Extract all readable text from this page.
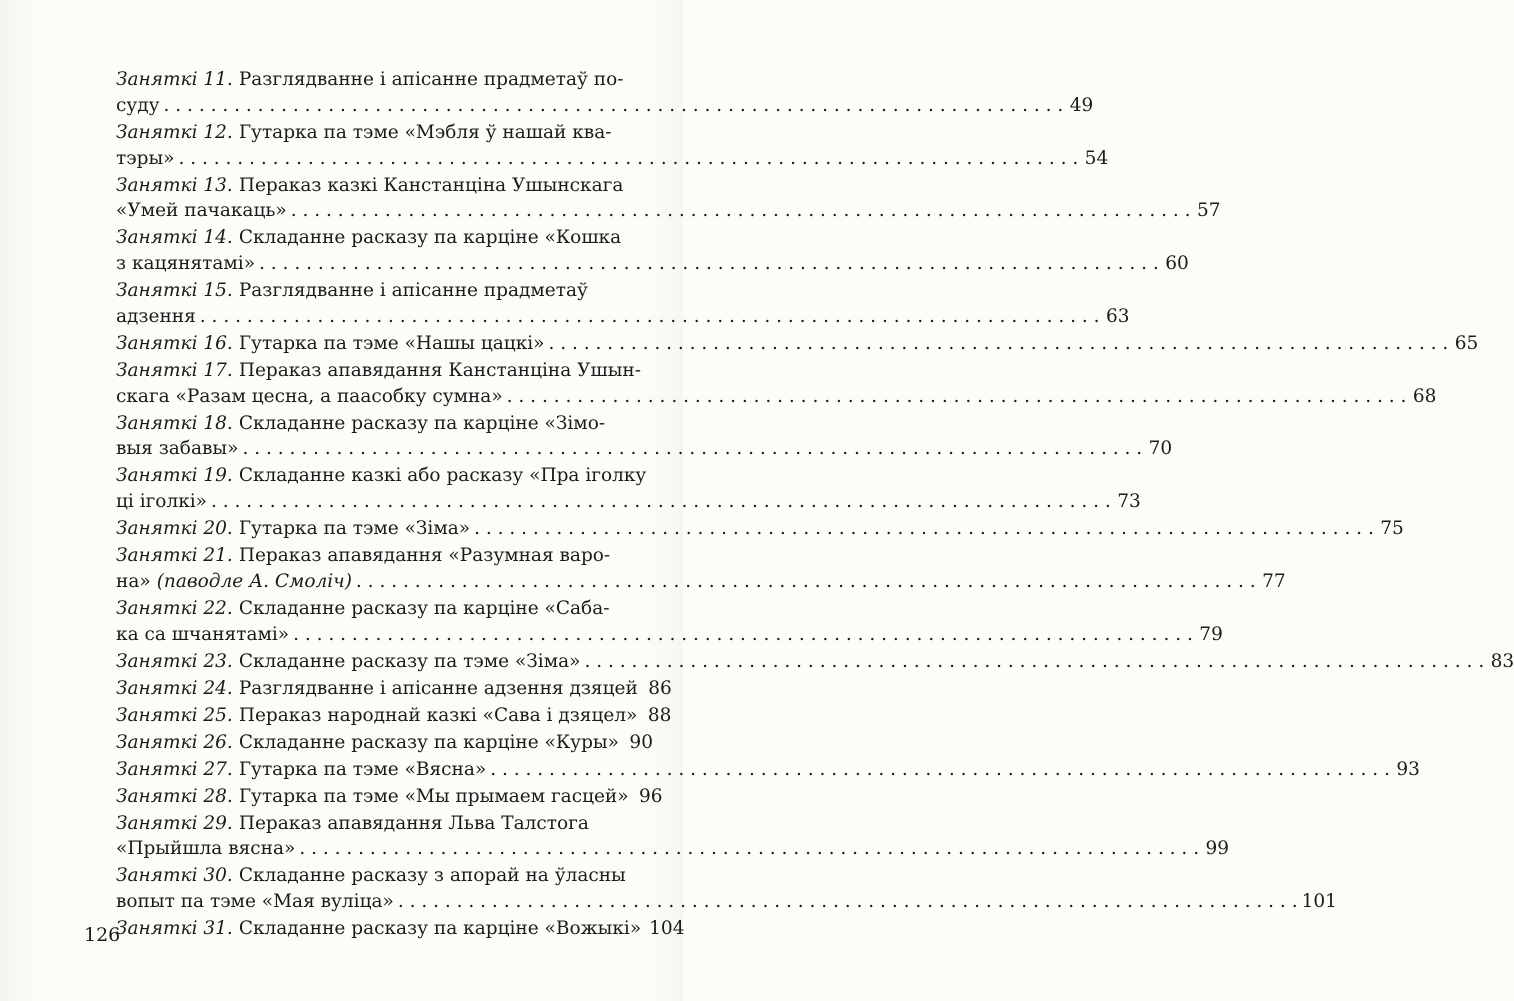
Заняткі 11. Разглядванне і апісанне прадметаў по-
суду . . .	49
Заняткі 12. Гутарка па тэме «Мэбля ў нашай ква-
тэры» . . .	54
Заняткі 13. Пераказ казкі Канстанціна Ушынскага
«Умей пачакаць» . . .	57
Заняткі 14. Складанне расказу па карціне «Кошка
з кацянятамі» . . .	60
Заняткі 15. Разглядванне і апісанне прадметаў
адзення . . .	63
Заняткі 16. Гутарка па тэме «Нашы цацкі» . . .	65
Заняткі 17. Пераказ апавядання Канстанціна Ушын-
скага «Разам цесна, а паасобку сумна» . . .	68
Заняткі 18. Складанне расказу па карціне «Зімо-
выя забавы» . . .	70
Заняткі 19. Складанне казкі або расказу «Пра іголку
ці іголкі» . . .	73
Заняткі 20. Гутарка па тэме «Зіма» . . .	75
Заняткі 21. Пераказ апавядання «Разумная варо-
на» (паводле А. Смоліч) . . .	77
Заняткі 22. Складанне расказу па карціне «Саба-
ка са шчанятамі» . . .	79
Заняткі 23. Складанне расказу па тэме «Зіма» . . .	83
Заняткі 24. Разглядванне і апісанне адзення дзяцей 86
Заняткі 25. Пераказ народнай казкі «Сава і дзяцел» 88
Заняткі 26. Складанне расказу па карціне «Куры» 90
Заняткі 27. Гутарка па тэме «Вясна» . . .	93
Заняткі 28. Гутарка па тэме «Мы прымаем гасцей» 96
Заняткі 29. Пераказ апавядання Льва Талстога
«Прыйшла вясна» . . .	99
Заняткі 30. Складанне расказу з апорай на ўласны
вопыт па тэме «Мая вуліца» . . .	101
Заняткі 31. Складанне расказу па карціне «Вожыкі» 104
126
